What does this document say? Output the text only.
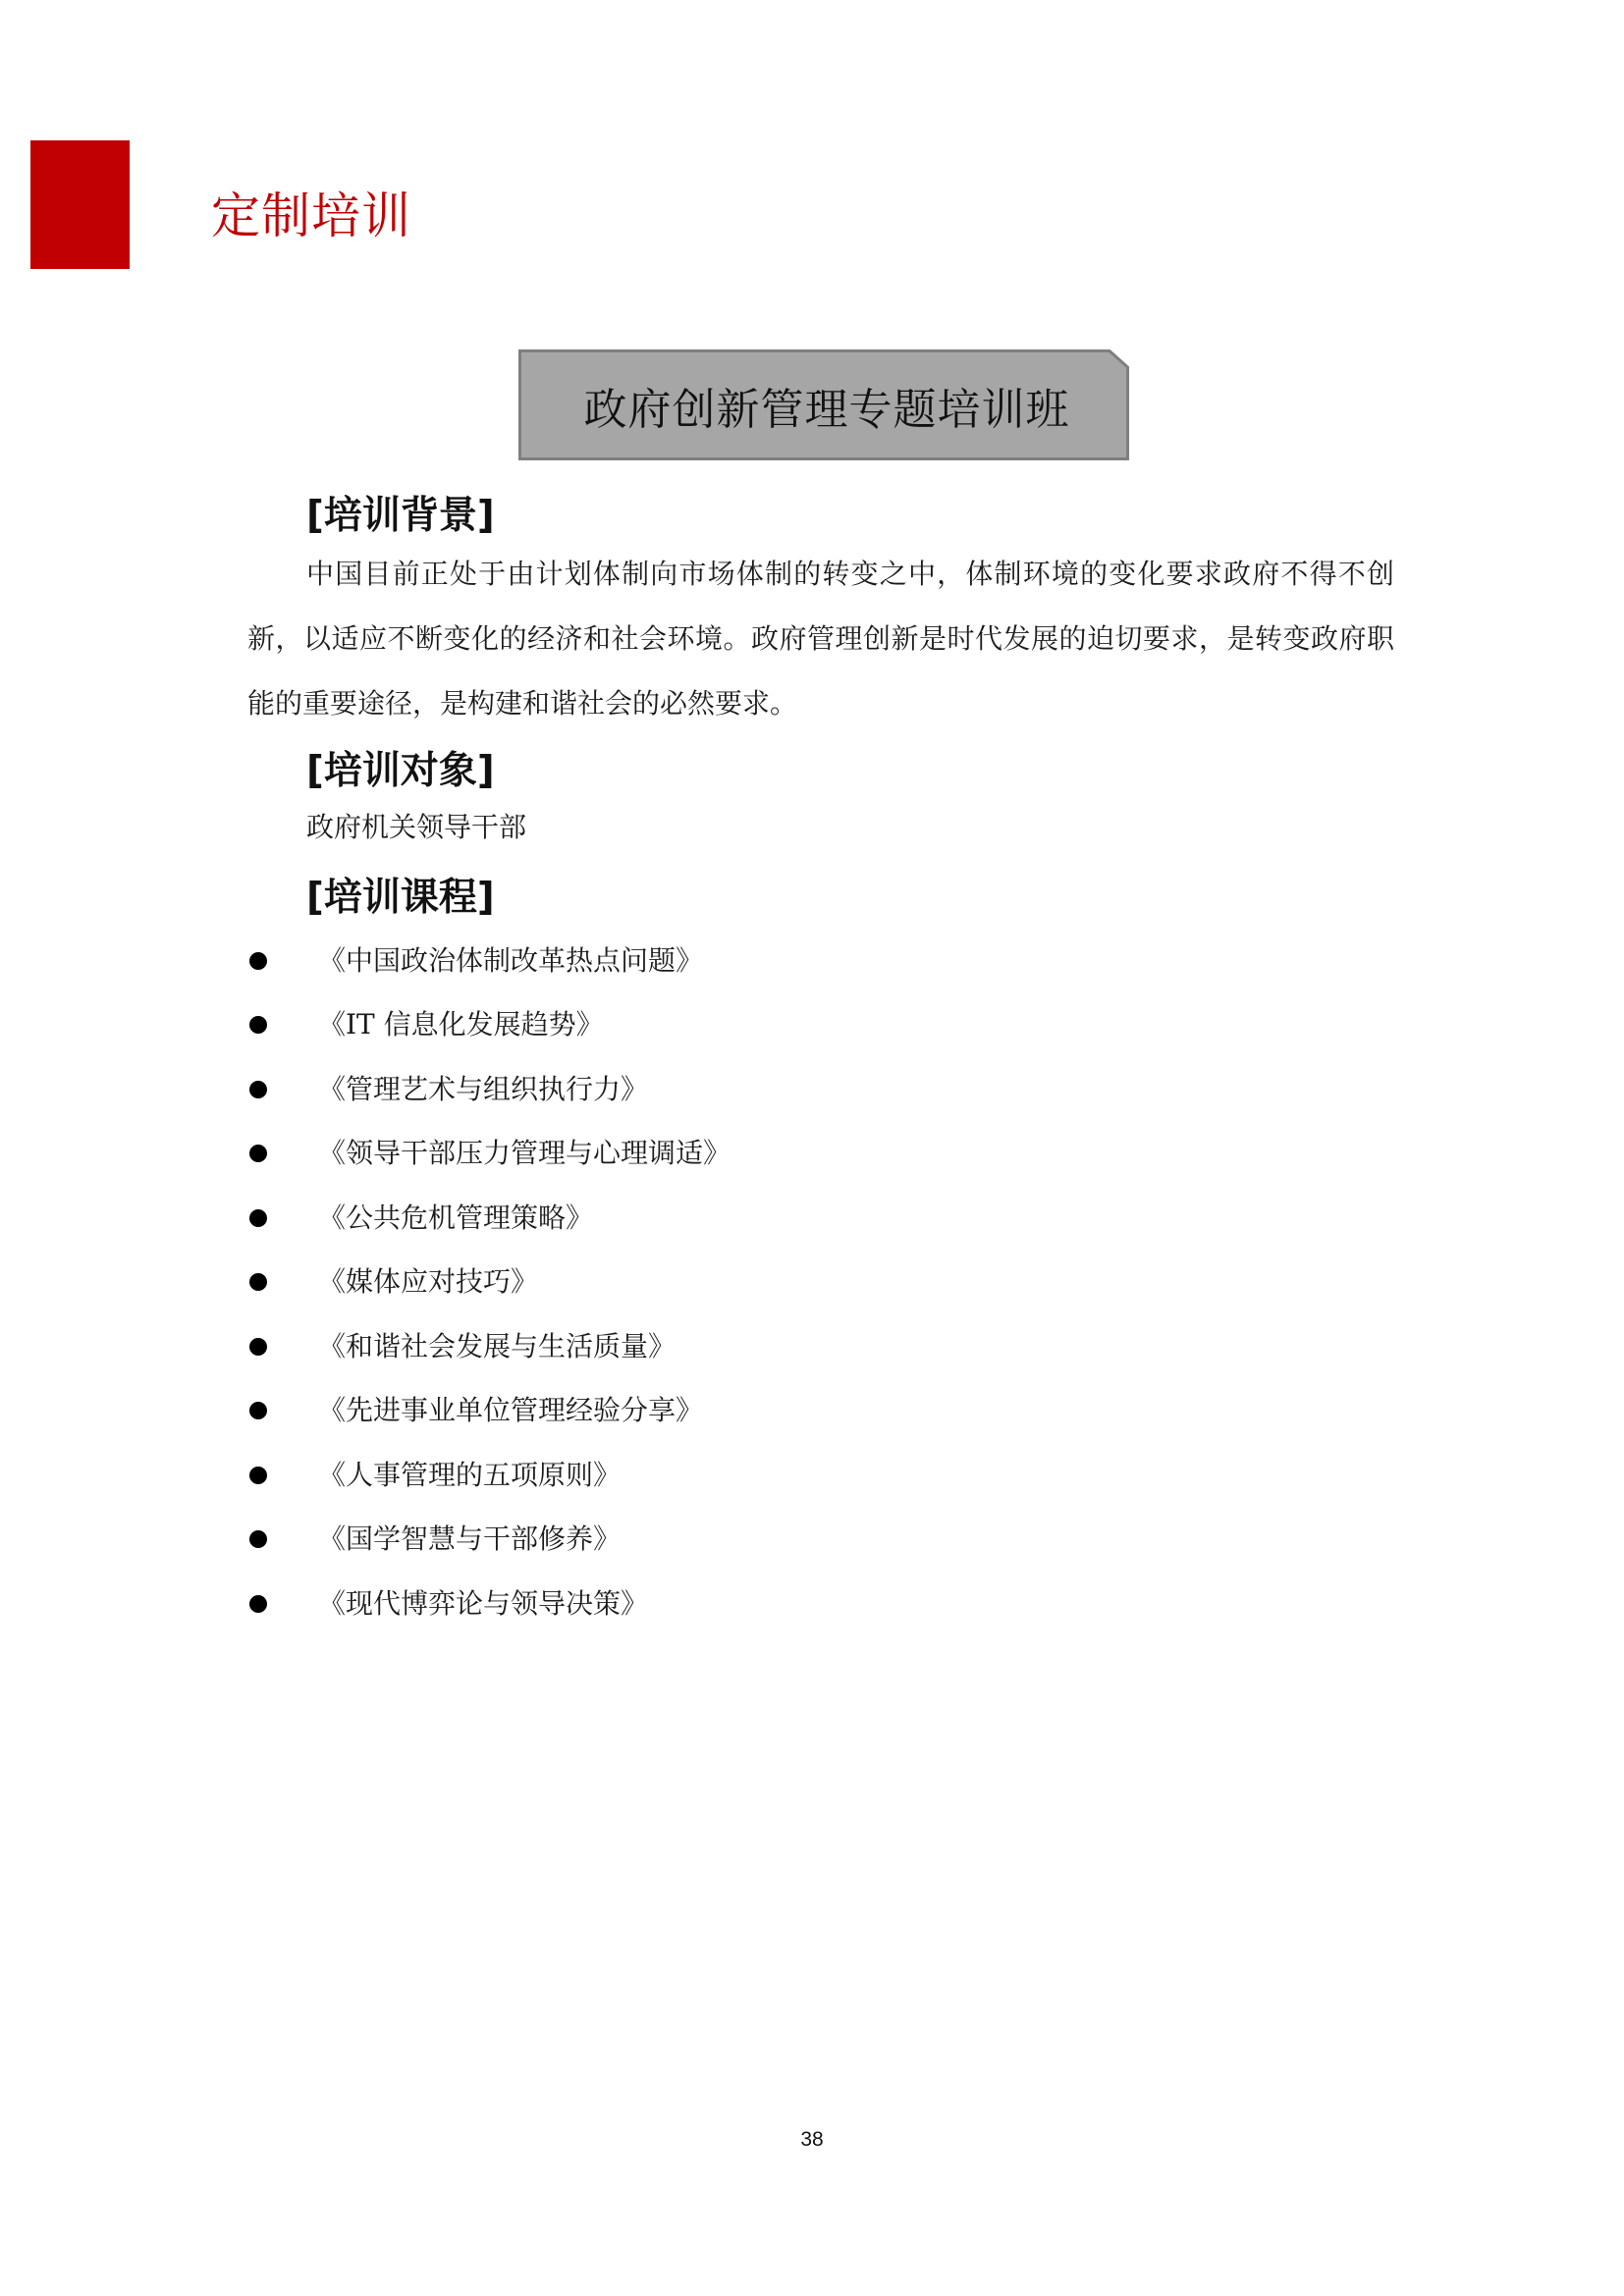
定制培训
政府创新管理专题培训班
[培训背景]

中国目前正处于由计划体制向市场体制的转变之中，体制环境的变化要求政府不得不创新，以适应不断变化的经济和社会环境。政府管理创新是时代发展的迫切要求，是转变政府职能的重要途径，是构建和谐社会的必然要求。

[培训对象]
政府机关领导干部
[培训课程]
《中国政治体制改革热点问题》
《IT 信息化发展趋势》
《管理艺术与组织执行力》
《领导干部压力管理与心理调适》
《公共危机管理策略》
《媒体应对技巧》
《和谐社会发展与生活质量》
《先进事业单位管理经验分享》
《人事管理的五项原则》
《国学智慧与干部修养》
《现代博弈论与领导决策》
38
